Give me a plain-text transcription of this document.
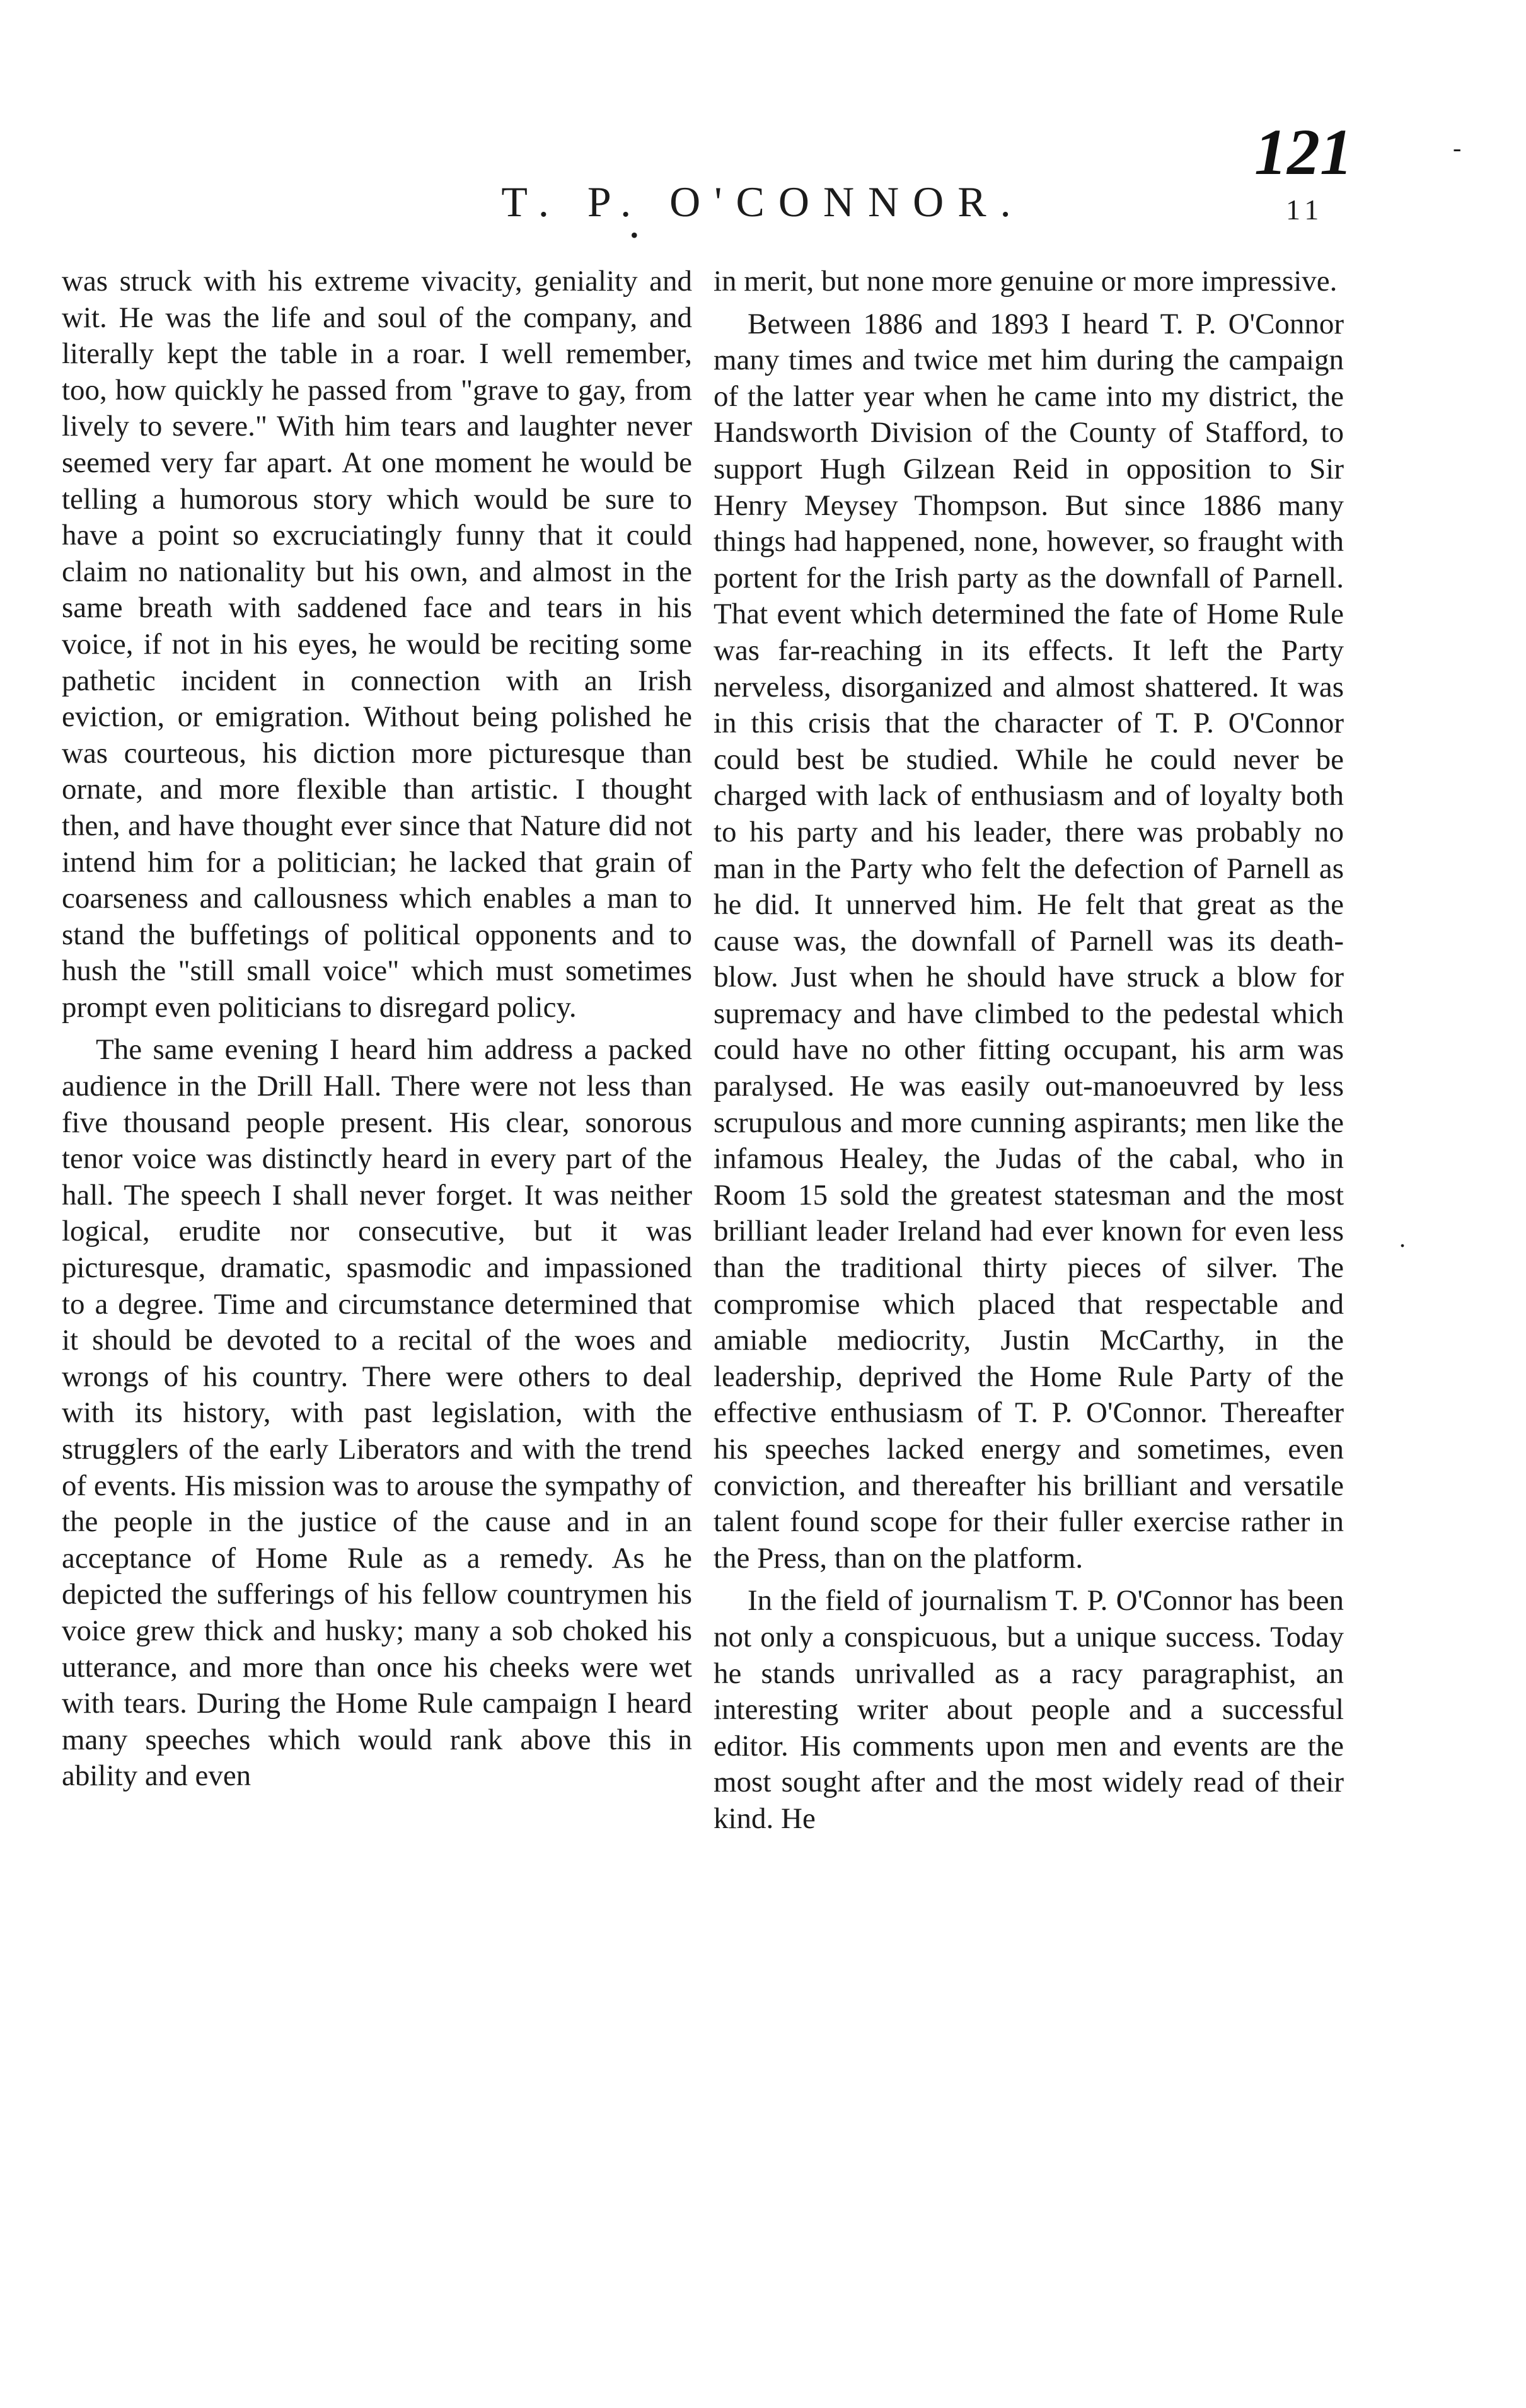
T. P. O'CONNOR.
121
11
•
-
.

was struck with his extreme vivacity, geniality and wit. He was the life and soul of the company, and literally kept the table in a roar. I well remember, too, how quickly he passed from "grave to gay, from lively to severe." With him tears and laughter never seemed very far apart. At one moment he would be telling a humorous story which would be sure to have a point so excruciatingly funny that it could claim no nationality but his own, and almost in the same breath with saddened face and tears in his voice, if not in his eyes, he would be reciting some pathetic incident in connection with an Irish eviction, or emigration. Without being polished he was courteous, his diction more picturesque than ornate, and more flexible than artistic. I thought then, and have thought ever since that Nature did not intend him for a politician; he lacked that grain of coarseness and callousness which enables a man to stand the buffetings of political opponents and to hush the "still small voice" which must sometimes prompt even politicians to disregard policy.

The same evening I heard him address a packed audience in the Drill Hall. There were not less than five thousand people present. His clear, sonorous tenor voice was distinctly heard in every part of the hall. The speech I shall never forget. It was neither logical, erudite nor consecutive, but it was picturesque, dramatic, spasmodic and impassioned to a degree. Time and circumstance determined that it should be devoted to a recital of the woes and wrongs of his country. There were others to deal with its history, with past legislation, with the strugglers of the early Liberators and with the trend of events. His mission was to arouse the sympathy of the people in the justice of the cause and in an acceptance of Home Rule as a remedy. As he depicted the sufferings of his fellow countrymen his voice grew thick and husky; many a sob choked his utterance, and more than once his cheeks were wet with tears. During the Home Rule campaign I heard many speeches which would rank above this in ability and even

in merit, but none more genuine or more impressive.

Between 1886 and 1893 I heard T. P. O'Connor many times and twice met him during the campaign of the latter year when he came into my district, the Handsworth Division of the County of Stafford, to support Hugh Gilzean Reid in opposition to Sir Henry Meysey Thompson. But since 1886 many things had happened, none, however, so fraught with portent for the Irish party as the downfall of Parnell. That event which determined the fate of Home Rule was far-reaching in its effects. It left the Party nerveless, disorganized and almost shattered. It was in this crisis that the character of T. P. O'Connor could best be studied. While he could never be charged with lack of enthusiasm and of loyalty both to his party and his leader, there was probably no man in the Party who felt the defection of Parnell as he did. It unnerved him. He felt that great as the cause was, the downfall of Parnell was its death-blow. Just when he should have struck a blow for supremacy and have climbed to the pedestal which could have no other fitting occupant, his arm was paralysed. He was easily out-manoeuvred by less scrupulous and more cunning aspirants; men like the infamous Healey, the Judas of the cabal, who in Room 15 sold the greatest statesman and the most brilliant leader Ireland had ever known for even less than the traditional thirty pieces of silver. The compromise which placed that respectable and amiable mediocrity, Justin McCarthy, in the leadership, deprived the Home Rule Party of the effective enthusiasm of T. P. O'Connor. Thereafter his speeches lacked energy and sometimes, even conviction, and thereafter his brilliant and versatile talent found scope for their fuller exercise rather in the Press, than on the platform.

In the field of journalism T. P. O'Connor has been not only a conspicuous, but a unique success. Today he stands unrivalled as a racy paragraphist, an interesting writer about people and a successful editor. His comments upon men and events are the most sought after and the most widely read of their kind. He
